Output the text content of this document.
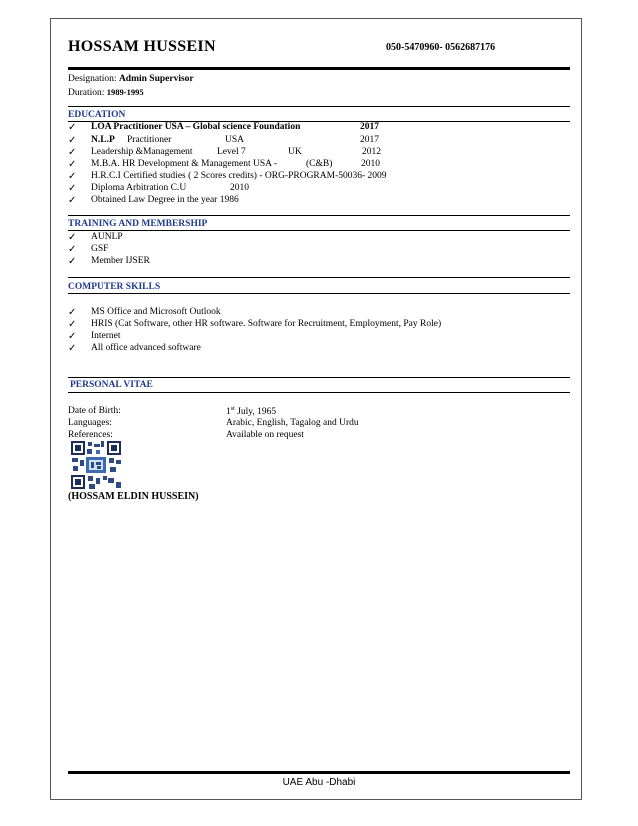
HOSSAM HUSSEIN	050-5470960- 0562687176
Designation: Admin Supervisor
Duration: 1989-1995
EDUCATION
✓ LOA Practitioner USA – Global science Foundation	2017
✓ N.L.P Practitioner	USA	2017
✓ Leadership &Management	Level 7	UK	2012
✓ M.B.A. HR Development & Management USA -	(C&B)	2010
✓ H.R.C.I Certified studies ( 2 Scores credits) - ORG-PROGRAM-50036- 2009
✓ Diploma Arbitration C.U	2010
✓ Obtained Law Degree in the year 1986
TRAINING AND MEMBERSHIP
✓ AUNLP
✓ GSF
✓ Member IJSER
COMPUTER SKILLS
✓ MS Office and Microsoft Outlook
✓ HRIS (Cat Software, other HR software. Software for Recruitment, Employment, Pay Role)
✓ Internet
✓ All office advanced software
PERSONAL VITAE
Date of Birth:	1st July, 1965
Languages:	Arabic, English, Tagalog and Urdu
References:	Available on request
(HOSSAM ELDIN HUSSEIN)
UAE Abu -Dhabi
